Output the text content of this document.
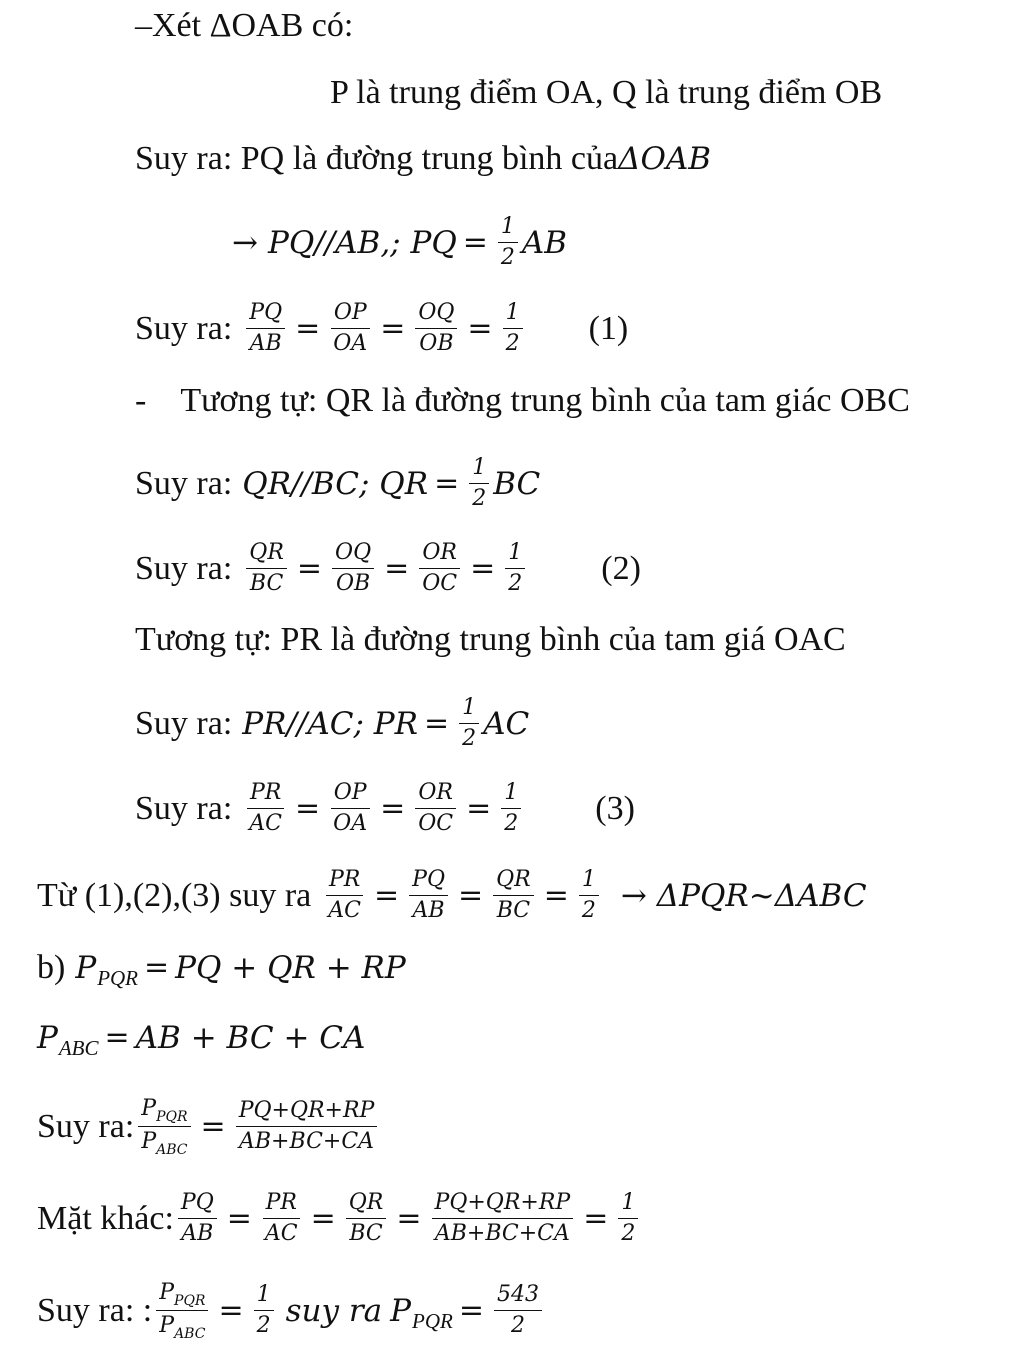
–Xét ΔOAB có:
P là trung điểm OA, Q là trung điểm OB
Suy ra: PQ là đường trung bình của ΔOAB
→ PQ//AB,; PQ = $\frac{1}{2}$ AB
Suy ra: $\frac{PQ}{AB} = \frac{OP}{OA} = \frac{OQ}{OB} = \frac{1}{2} (1)$
- Tương tự: QR là đường trung bình của tam giác OBC
Suy ra: QR//BC; QR = $\frac{1}{2}$ BC
Suy ra: $\frac{QR}{BC} = \frac{OQ}{OB} = \frac{OR}{OC} = \frac{1}{2} (2)$
Tương tự: PR là đường trung bình của tam giá OAC
Suy ra: PR//AC; PR = $\frac{1}{2}$ AC
Suy ra: $\frac{PR}{AC} = \frac{OP}{OA} = \frac{OR}{OC} = \frac{1}{2} (3)$
Từ (1),(2),(3) suy ra $\frac{PR}{AC} = \frac{PQ}{AB} = \frac{QR}{BC} = \frac{1}{2}$ → ΔPQR~ΔABC
b) P PQR = PQ + QR + RP
P ABC = AB + BC + CA
Suy ra: $\frac{P_{PQR}}{P_{ABC}} = \frac{PQ+QR+RP}{AB+BC+CA}$
Mặt khác: $\frac{PQ}{AB} = \frac{PR}{AC} = \frac{QR}{BC} = \frac{PQ+QR+RP}{AB+BC+CA} = \frac{1}{2}$
Suy ra: : $\frac{P_{PQR}}{P_{ABC}} = \frac{1}{2}$ suy ra P PQR = $\frac{543}{2}$
